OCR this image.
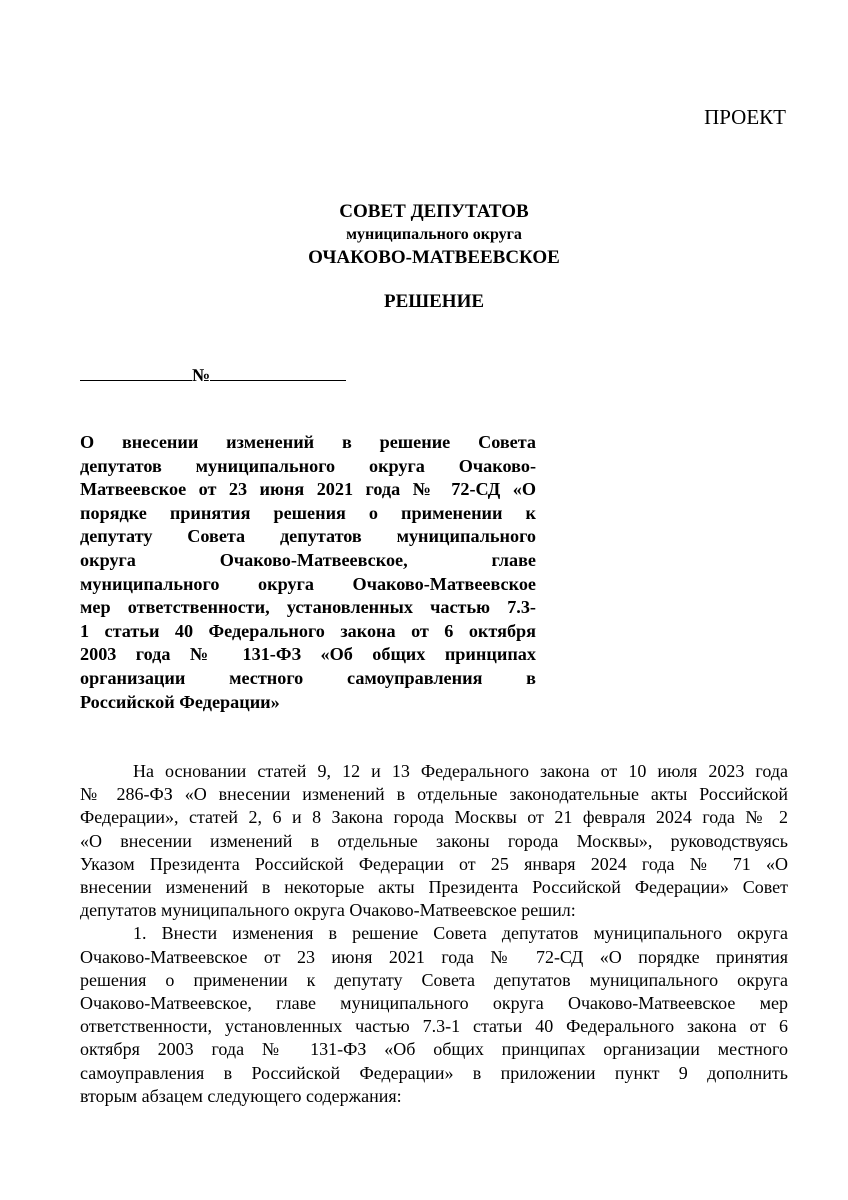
ПРОЕКТ
СОВЕТ ДЕПУТАТОВ
муниципального округа
ОЧАКОВО-МАТВЕЕВСКОЕ
РЕШЕНИЕ
№
О внесении изменений в решение Совета
депутатов муниципального округа Очаково-
Матвеевское от 23 июня 2021 года № 72-СД «О
порядке принятия решения о применении к
депутату Совета депутатов муниципального
округа Очаково-Матвеевское, главе
муниципального округа Очаково-Матвеевское
мер ответственности, установленных частью 7.3-
1 статьи 40 Федерального закона от 6 октября
2003 года № 131-ФЗ «Об общих принципах
организации местного самоуправления в
Российской Федерации»
На основании статей 9, 12 и 13 Федерального закона от 10 июля 2023 года
№ 286-ФЗ «О внесении изменений в отдельные законодательные акты Российской
Федерации», статей 2, 6 и 8 Закона города Москвы от 21 февраля 2024 года № 2
«О внесении изменений в отдельные законы города Москвы», руководствуясь
Указом Президента Российской Федерации от 25 января 2024 года № 71 «О
внесении изменений в некоторые акты Президента Российской Федерации» Совет
депутатов муниципального округа Очаково-Матвеевское решил:
1. Внести изменения в решение Совета депутатов муниципального округа
Очаково-Матвеевское от 23 июня 2021 года № 72-СД «О порядке принятия
решения о применении к депутату Совета депутатов муниципального округа
Очаково-Матвеевское, главе муниципального округа Очаково-Матвеевское мер
ответственности, установленных частью 7.3-1 статьи 40 Федерального закона от 6
октября 2003 года № 131-ФЗ «Об общих принципах организации местного
самоуправления в Российской Федерации» в приложении пункт 9 дополнить
вторым абзацем следующего содержания:
